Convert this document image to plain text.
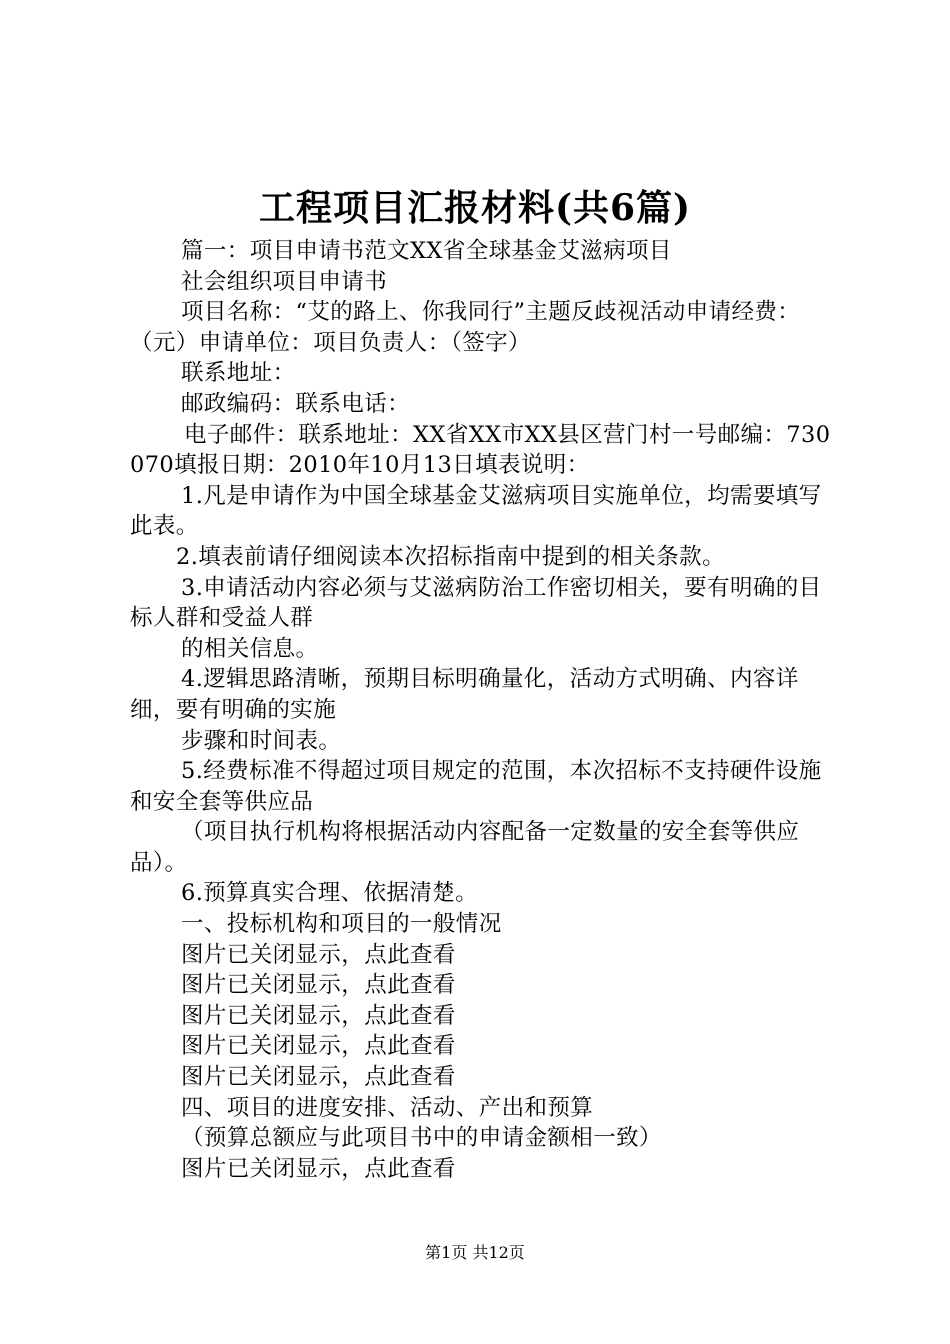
工程项目汇报材料(共6篇)

篇一：项目申请书范文XX省全球基金艾滋病项目

社会组织项目申请书

项目名称：“艾的路上、你我同行”主题反歧视活动申请经费：（元）申请单位：项目负责人：（签字）

联系地址：

邮政编码：联系电话：

电子邮件：联系地址：XX省XX市XX县区营门村一号邮编：730070填报日期：2010年10月13日填表说明：

1.凡是申请作为中国全球基金艾滋病项目实施单位，均需要填写此表。

2.填表前请仔细阅读本次招标指南中提到的相关条款。

3.申请活动内容必须与艾滋病防治工作密切相关，要有明确的目标人群和受益人群

的相关信息。

4.逻辑思路清晰，预期目标明确量化，活动方式明确、内容详细，要有明确的实施

步骤和时间表。

5.经费标准不得超过项目规定的范围，本次招标不支持硬件设施和安全套等供应品

（项目执行机构将根据活动内容配备一定数量的安全套等供应品）。

6.预算真实合理、依据清楚。

一、投标机构和项目的一般情况

图片已关闭显示，点此查看

图片已关闭显示，点此查看

图片已关闭显示，点此查看

图片已关闭显示，点此查看

图片已关闭显示，点此查看

四、项目的进度安排、活动、产出和预算

（预算总额应与此项目书中的申请金额相一致）

图片已关闭显示，点此查看

第1页 共12页
